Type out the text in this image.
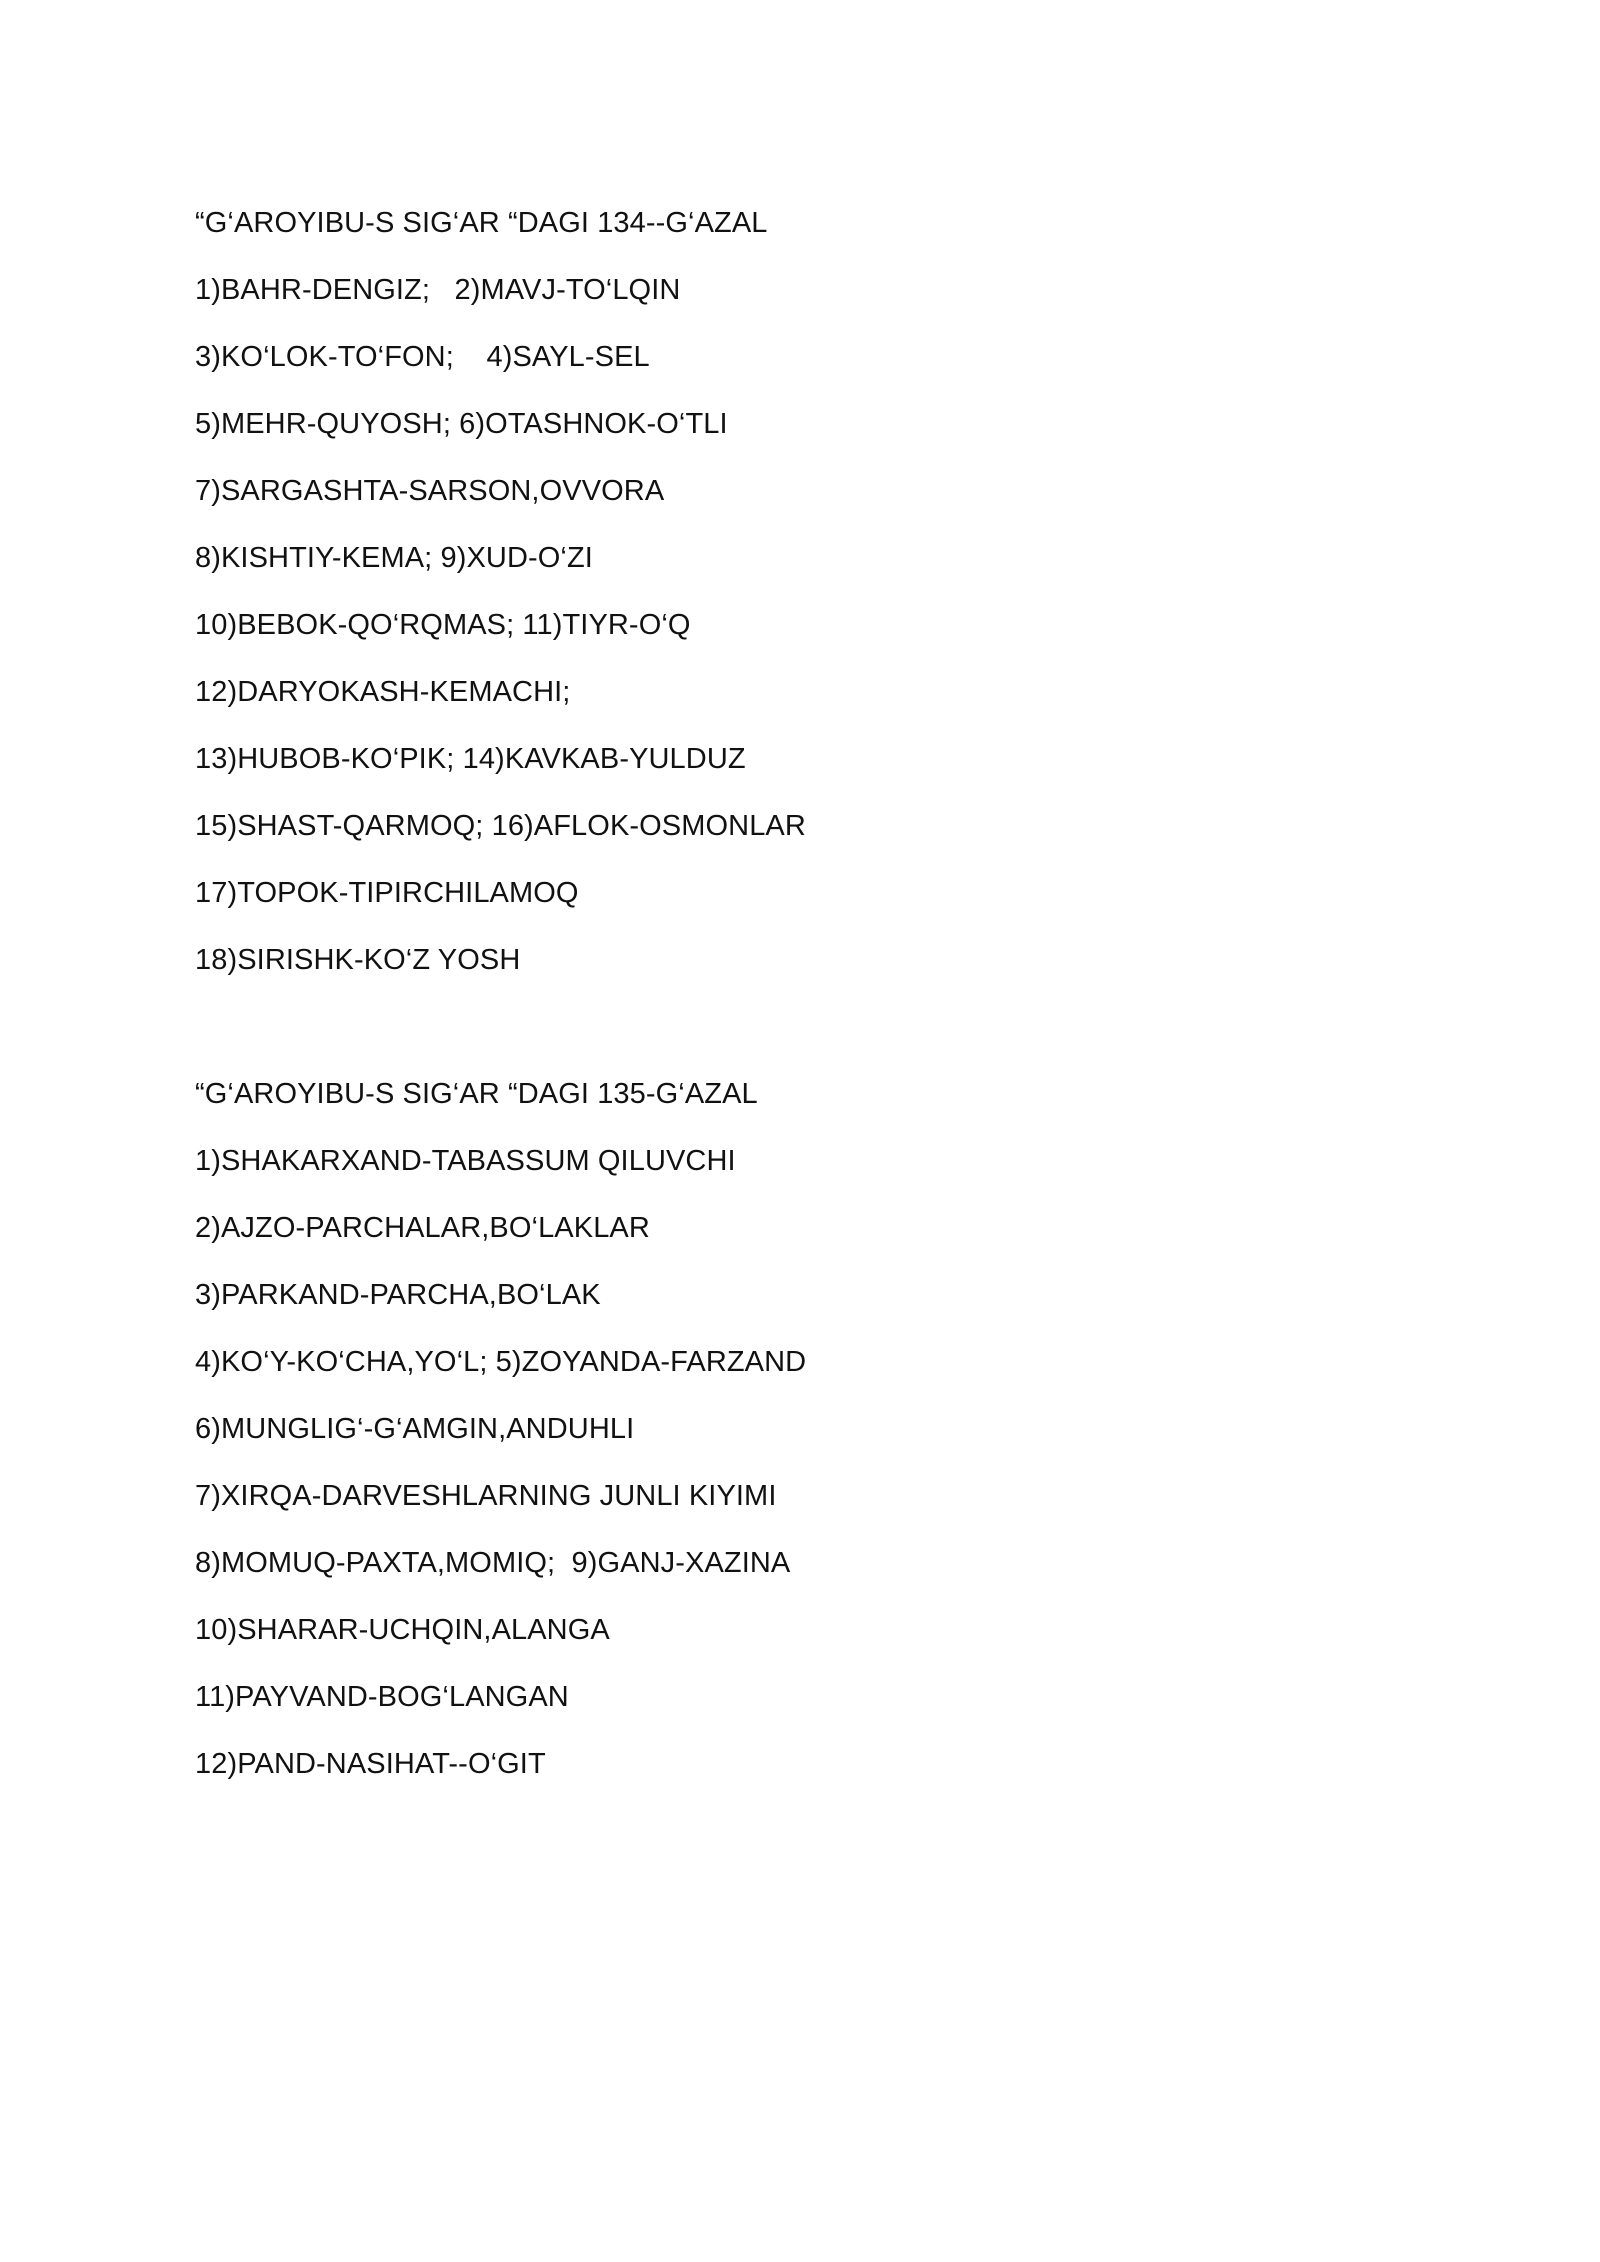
“G‘AROYIBU-S SIG‘AR “DAGI 134--G‘AZAL
1)BAHR-DENGIZ;   2)MAVJ-TO‘LQIN
3)KO‘LOK-TO‘FON;    4)SAYL-SEL
5)MEHR-QUYOSH; 6)OTASHNOK-O‘TLI
7)SARGASHTA-SARSON,OVVORA
8)KISHTIY-KEMA; 9)XUD-O‘ZI
10)BEBOK-QO‘RQMAS; 11)TIYR-O‘Q
12)DARYOKASH-KEMACHI;
13)HUBOB-KO‘PIK; 14)KAVKAB-YULDUZ
15)SHAST-QARMOQ; 16)AFLOK-OSMONLAR
17)TOPOK-TIPIRCHILAMOQ
18)SIRISHK-KO‘Z YOSH
“G‘AROYIBU-S SIG‘AR “DAGI 135-G‘AZAL
1)SHAKARXAND-TABASSUM QILUVCHI
2)AJZO-PARCHALAR,BO‘LAKLAR
3)PARKAND-PARCHA,BO‘LAK
4)KO‘Y-KO‘CHA,YO‘L; 5)ZOYANDA-FARZAND
6)MUNGLIG‘-G‘AMGIN,ANDUHLI
7)XIRQA-DARVESHLARNING JUNLI KIYIMI
8)MOMUQ-PAXTA,MOMIQ;  9)GANJ-XAZINA
10)SHARAR-UCHQIN,ALANGA
11)PAYVAND-BOG‘LANGAN
12)PAND-NASIHAT--O‘GIT
